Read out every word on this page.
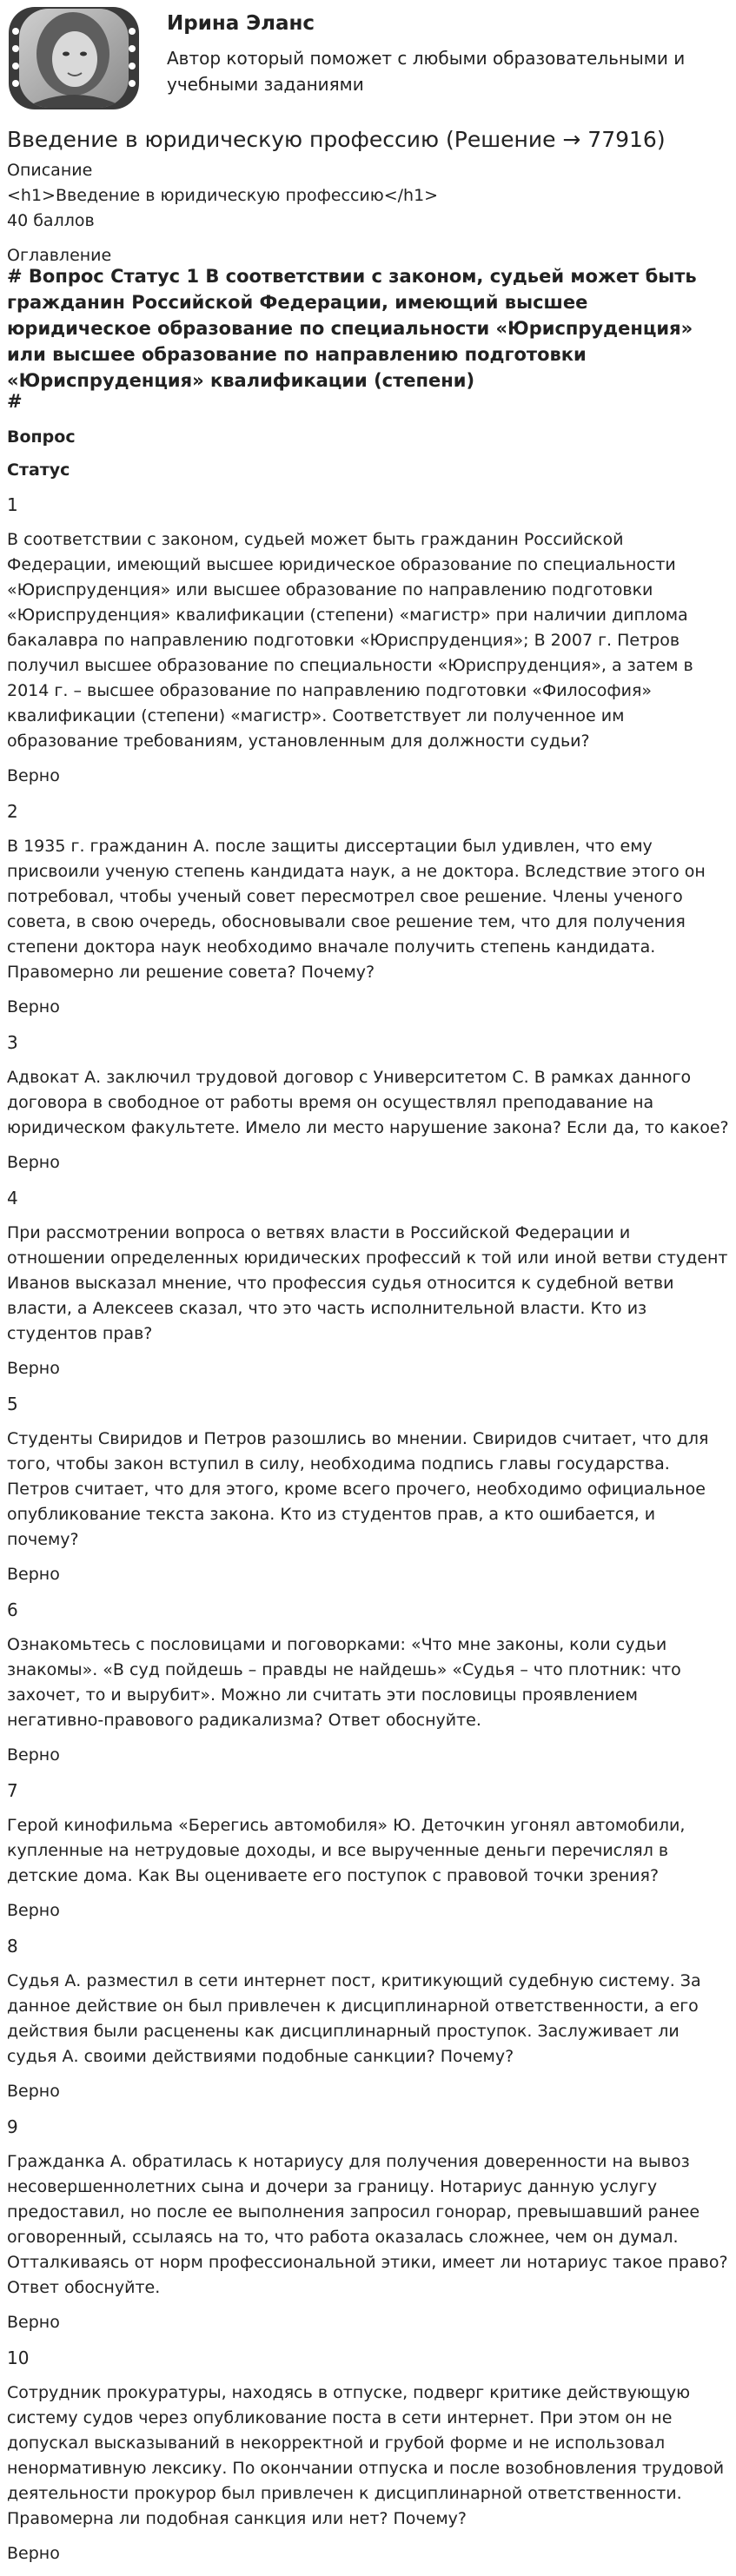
Ирина Эланс
Автор который поможет с любыми образовательными и учебными заданиями
Введение в юридическую профессию (Решение → 77916)
Описание
<h1>Введение в юридическую профессию</h1>
40 баллов
Оглавление
# Вопрос Статус 1 В соответствии с законом, судьей может быть гражданин Российской Федерации, имеющий высшее юридическое образование по специальности «Юриспруденция» или высшее образование по направлению подготовки «Юриспруденция» квалификации (степени)
#
Вопрос
Статус
1
В соответствии с законом, судьей может быть гражданин Российской Федерации, имеющий высшее юридическое образование по специальности «Юриспруденция» или высшее образование по направлению подготовки «Юриспруденция» квалификации (степени) «магистр» при наличии диплома бакалавра по направлению подготовки «Юриспруденция»; В 2007 г. Петров получил высшее образование по специальности «Юриспруденция», а затем в 2014 г. – высшее образование по направлению подготовки «Философия» квалификации (степени) «магистр». Соответствует ли полученное им образование требованиям, установленным для должности судьи?
Верно
2
В 1935 г. гражданин А. после защиты диссертации был удивлен, что ему присвоили ученую степень кандидата наук, а не доктора. Вследствие этого он потребовал, чтобы ученый совет пересмотрел свое решение. Члены ученого совета, в свою очередь, обосновывали свое решение тем, что для получения степени доктора наук необходимо вначале получить степень кандидата. Правомерно ли решение совета? Почему?
Верно
3
Адвокат А. заключил трудовой договор с Университетом С. В рамках данного договора в свободное от работы время он осуществлял преподавание на юридическом факультете. Имело ли место нарушение закона? Если да, то какое?
Верно
4
При рассмотрении вопроса о ветвях власти в Российской Федерации и отношении определенных юридических профессий к той или иной ветви студент Иванов высказал мнение, что профессия судья относится к судебной ветви власти, а Алексеев сказал, что это часть исполнительной власти. Кто из студентов прав?
Верно
5
Студенты Свиридов и Петров разошлись во мнении. Свиридов считает, что для того, чтобы закон вступил в силу, необходима подпись главы государства. Петров считает, что для этого, кроме всего прочего, необходимо официальное опубликование текста закона. Кто из студентов прав, а кто ошибается, и почему?
Верно
6
Ознакомьтесь с пословицами и поговорками: «Что мне законы, коли судьи знакомы». «В суд пойдешь – правды не найдешь» «Судья – что плотник: что захочет, то и вырубит». Можно ли считать эти пословицы проявлением негативно-правового радикализма? Ответ обоснуйте.
Верно
7
Герой кинофильма «Берегись автомобиля» Ю. Деточкин угонял автомобили, купленные на нетрудовые доходы, и все вырученные деньги перечислял в детские дома. Как Вы оцениваете его поступок с правовой точки зрения?
Верно
8
Судья А. разместил в сети интернет пост, критикующий судебную систему. За данное действие он был привлечен к дисциплинарной ответственности, а его действия были расценены как дисциплинарный проступок. Заслуживает ли судья А. своими действиями подобные санкции? Почему?
Верно
9
Гражданка А. обратилась к нотариусу для получения доверенности на вывоз несовершеннолетних сына и дочери за границу. Нотариус данную услугу предоставил, но после ее выполнения запросил гонорар, превышавший ранее оговоренный, ссылаясь на то, что работа оказалась сложнее, чем он думал. Отталкиваясь от норм профессиональной этики, имеет ли нотариус такое право? Ответ обоснуйте.
Верно
10
Сотрудник прокуратуры, находясь в отпуске, подверг критике действующую систему судов через опубликование поста в сети интернет. При этом он не допускал высказываний в некорректной и грубой форме и не использовал ненормативную лексику. По окончании отпуска и после возобновления трудовой деятельности прокурор был привлечен к дисциплинарной ответственности. Правомерна ли подобная санкция или нет? Почему?
Верно
